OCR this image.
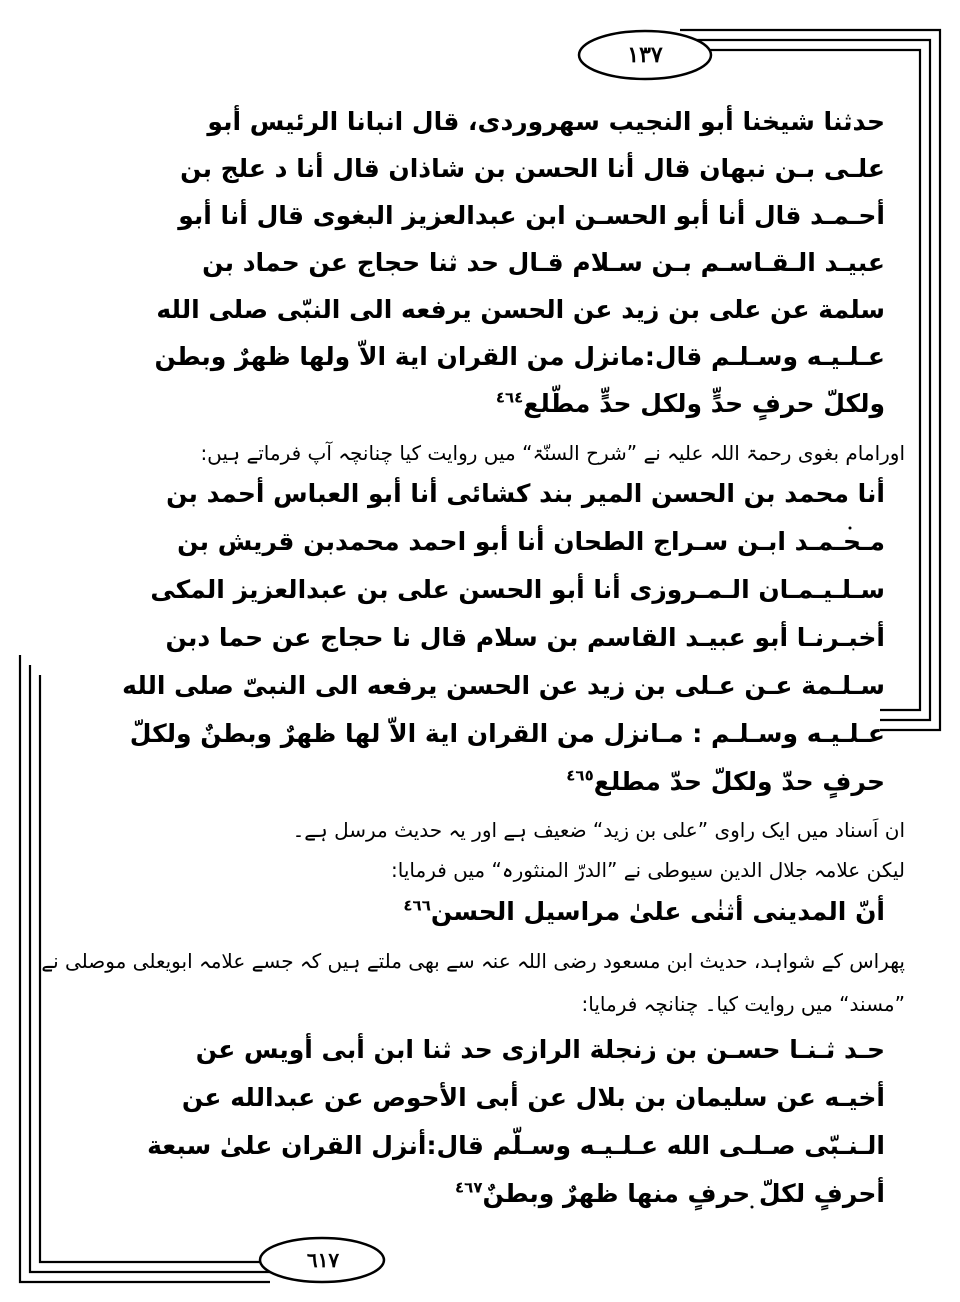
١٣٧
٦١٧
حدثنا شيخنا أبو النجيب سهروردى، قال انبانا الرئيس أبو
علـى بـن نبهان قال أنا الحسن بن شاذان قال أنا د علج بن
أحـمـد قال أنا أبو الحسـن ابن عبدالعزيز البغوى قال أنا أبو
عبيـد الـقـاسـم بـن سـلام قـال حد ثنا حجاج عن حماد بن
سلمة عن على بن زيد عن الحسن يرفعه الى النبّى صلى الله
عـلـيـه وسـلـم قال:مانزل من القران اية الاّ ولها ظهرٌ وبطن
ولكلّ حرفٍ حدٍّ ولكل حدٍّ مطّلع$^{٤٦٤}$
اورامام بغوی رحمۃ اللہ علیہ نے ”شرح السنّۃ“ میں روایت کیا چنانچہ آپ فرماتے ہیں:
أنا محمد بن الحسن المير بند كشائى أنا أبو العباس أحمد بن
مـحـمـد ابـن سـراج الطحان أنا أبو احمد محمدبن قريش بن
سـلـيـمـان الـمـروزى أنا أبو الحسن على بن عبدالعزيز المكى
أخبـرنـا أبو عبيـد القاسم بن سلام قال نا حجاج عن حما دبن
سـلـمة عـن عـلى بن زيد عن الحسن يرفعه الى النبىّ صلى الله
عـلـيـه وسـلـم : مـانزل من القران اية الاّ لها ظهرٌ وبطنٌ ولكلّ
حرفٍ حدّ ولكلّ حدّ مطلع$^{٤٦٥}$
ان اَسناد میں ایک راوی ”علی بن زید“ ضعیف ہے اور یہ حدیث مرسل ہے۔
لیکن علامہ جلال الدین سیوطی نے ”الدرّ المنثورہ“ میں فرمایا:
أنّ المدينى أثنٰى علىٰ مراسيل الحسن$^{٤٦٦}$
پھراس کے شواہد، حدیث ابن مسعود رضی اللہ عنہ سے بھی ملتے ہیں کہ جسے علامہ ابویعلی موصلی نے
”مسند“ میں روایت کیا۔ چنانچہ فرمایا:
حـد ثـنـا حسـن بن زنجلة الرازى حد ثنا ابن أبى أويس عن
أخيـه عن سليمان بن بلال عن أبى الأحوص عن عبدالله عن
الـنـبّى صـلـى الله عـلـيـه وسـلّم قال:أنزل القران علىٰ سبعة
أحرفٍ لكلّ حرفٍ منها ظهرٌ وبطنٌ$^{٤٦٧}$
